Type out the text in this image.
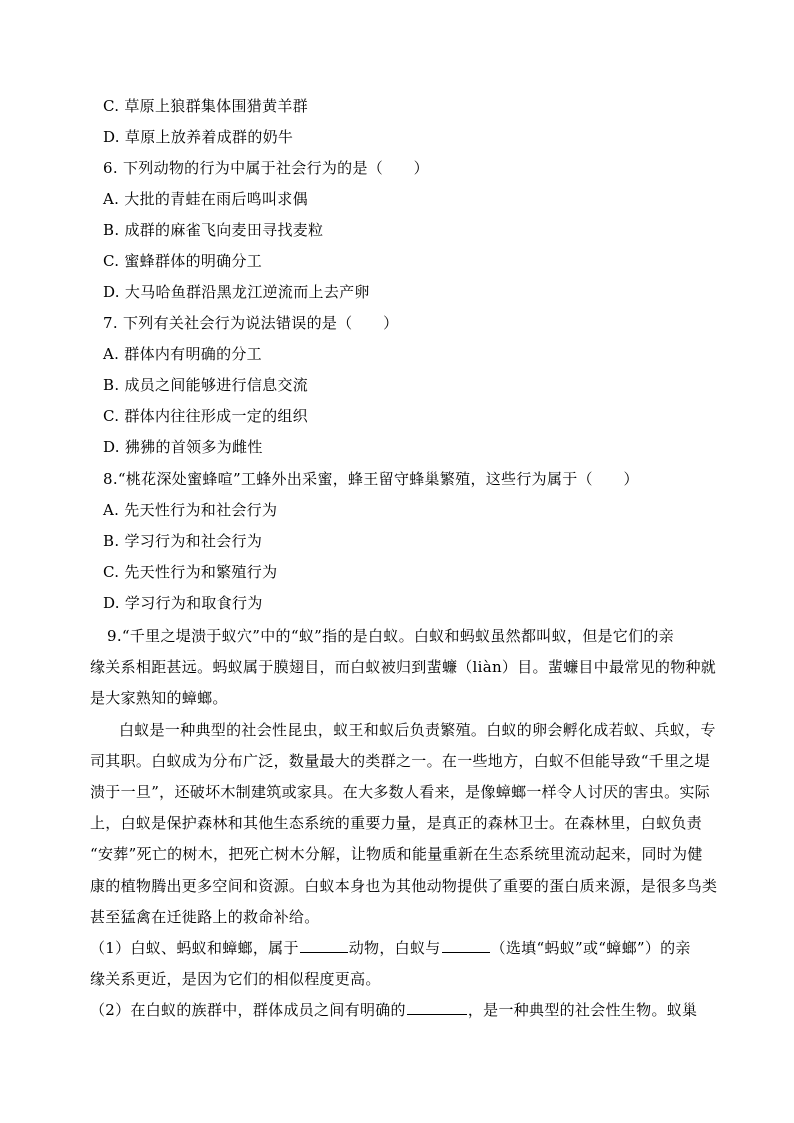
C. 草原上狼群集体围猎黄羊群
D. 草原上放养着成群的奶牛
6. 下列动物的行为中属于社会行为的是（　　）
A. 大批的青蛙在雨后鸣叫求偶
B. 成群的麻雀飞向麦田寻找麦粒
C. 蜜蜂群体的明确分工
D. 大马哈鱼群沿黑龙江逆流而上去产卵
7. 下列有关社会行为说法错误的是（　　）
A. 群体内有明确的分工
B. 成员之间能够进行信息交流
C. 群体内往往形成一定的组织
D. 狒狒的首领多为雌性
8.“桃花深处蜜蜂喧”工蜂外出采蜜，蜂王留守蜂巢繁殖，这些行为属于（　　）
A. 先天性行为和社会行为
B. 学习行为和社会行为
C. 先天性行为和繁殖行为
D. 学习行为和取食行为
9.“千里之堤溃于蚁穴”中的“蚁”指的是白蚁。白蚁和蚂蚁虽然都叫蚁，但是它们的亲
缘关系相距甚远。蚂蚁属于膜翅目，而白蚁被归到蜚蠊（liàn）目。蜚蠊目中最常见的物种就
是大家熟知的蟑螂。
白蚁是一种典型的社会性昆虫，蚁王和蚁后负责繁殖。白蚁的卵会孵化成若蚁、兵蚁，专
司其职。白蚁成为分布广泛，数量最大的类群之一。在一些地方，白蚁不但能导致“千里之堤
溃于一旦”，还破坏木制建筑或家具。在大多数人看来，是像蟑螂一样令人讨厌的害虫。实际
上，白蚁是保护森林和其他生态系统的重要力量，是真正的森林卫士。在森林里，白蚁负责
“安葬”死亡的树木，把死亡树木分解，让物质和能量重新在生态系统里流动起来，同时为健
康的植物腾出更多空间和资源。白蚁本身也为其他动物提供了重要的蛋白质来源，是很多鸟类
甚至猛禽在迁徙路上的救命补给。
（1）白蚁、蚂蚁和蟑螂，属于	动物，白蚁与	（选填“蚂蚁”或“蟑螂”）的亲
缘关系更近，是因为它们的相似程度更高。
（2）在白蚁的族群中，群体成员之间有明确的	，是一种典型的社会性生物。蚁巢
